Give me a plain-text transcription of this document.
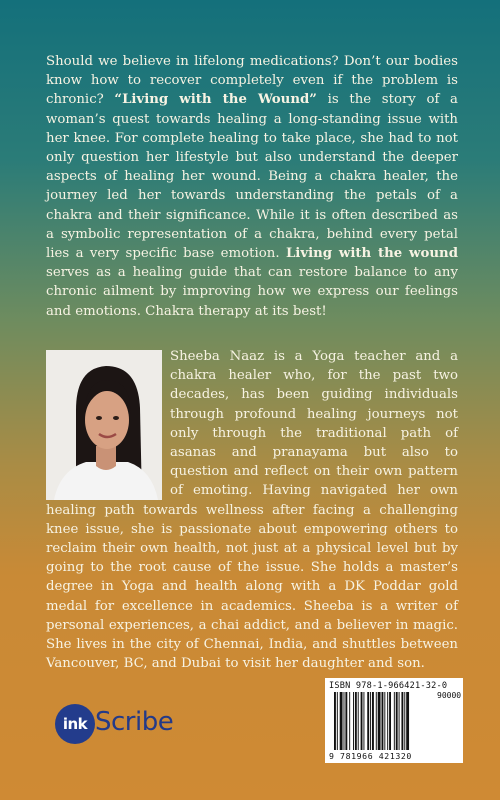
Should we believe in lifelong medications? Don’t our bodies know how to recover completely even if the problem is chronic? “Living with the Wound” is the story of a woman’s quest towards healing a long-standing issue with her knee. For complete healing to take place, she had to not only question her lifestyle but also understand the deeper aspects of healing her wound. Being a chakra healer, the journey led her towards understanding the petals of a chakra and their significance. While it is often described as a symbolic representation of a chakra, behind every petal lies a very specific base emotion. Living with the wound serves as a healing guide that can restore balance to any chronic ailment by improving how we express our feelings and emotions. Chakra therapy at its best!

Sheeba Naaz is a Yoga teacher and a chakra healer who, for the past two decades, has been guiding individuals through profound healing journeys not only through the traditional path of asanas and pranayama but also to question and reflect on their own pattern of emoting. Having navigated her own healing path towards wellness after facing a challenging knee issue, she is passionate about empowering others to reclaim their own health, not just at a physical level but by going to the root cause of the issue. She holds a master’s degree in Yoga and health along with a DK Poddar gold medal for excellence in academics. Sheeba is a writer of personal experiences, a chai addict, and a believer in magic. She lives in the city of Chennai, India, and shuttles between Vancouver, BC, and Dubai to visit her daughter and son.

ISBN 978-1-966421-32-0
90000
9 781966 421320
ink Scribe
